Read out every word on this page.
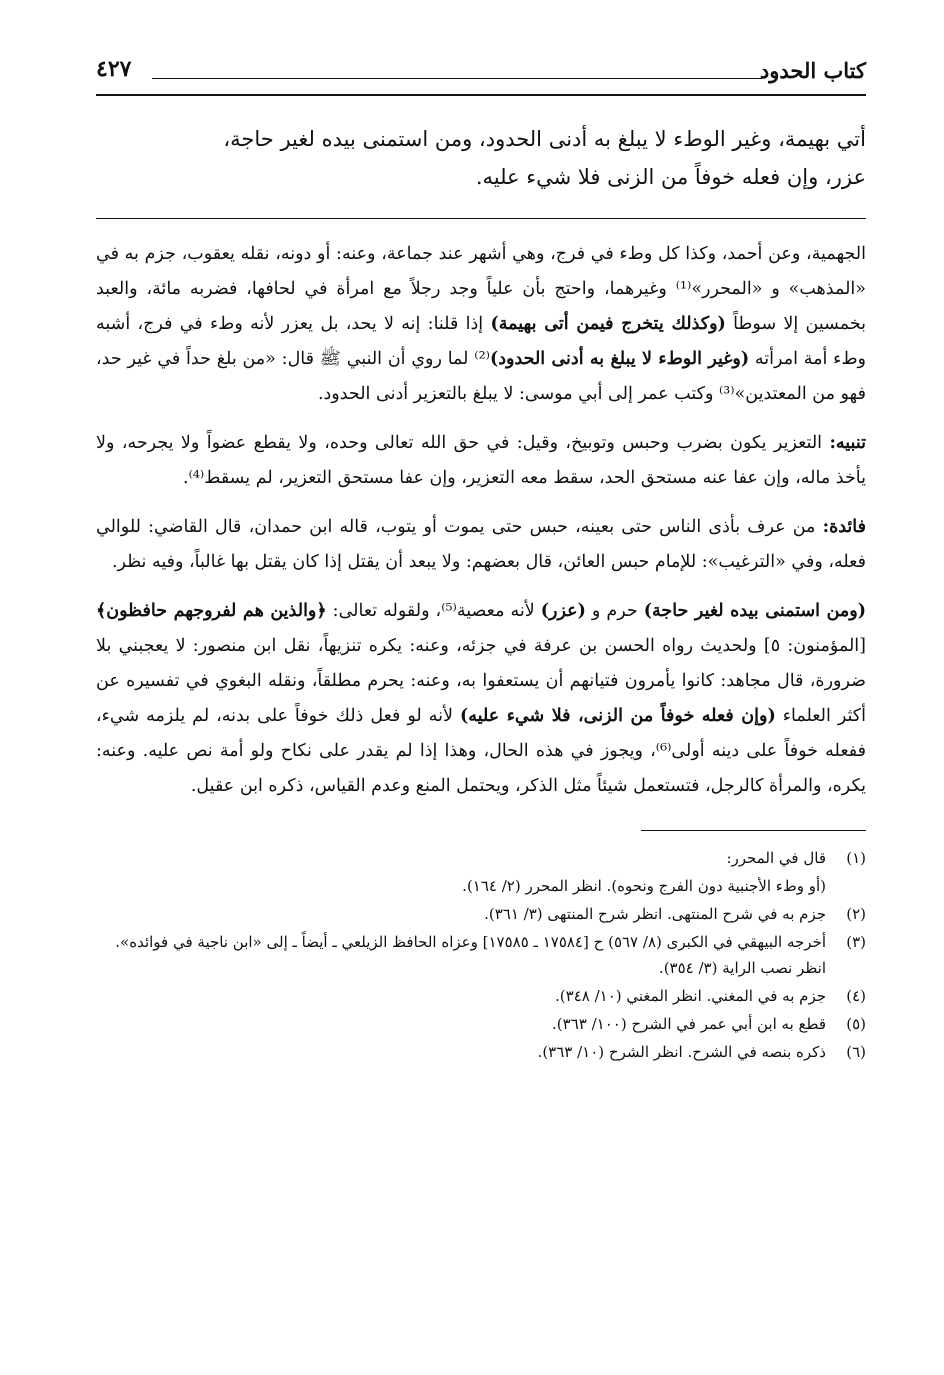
كتاب الحدود
٤٢٧

أتي بهيمة، وغير الوطء لا يبلغ به أدنى الحدود، ومن استمنى بيده لغير حاجة،

عزر، وإن فعله خوفاً من الزنى فلا شيء عليه.

الجهمية، وعن أحمد، وكذا كل وطء في فرج، وهي أشهر عند جماعة، وعنه: أو دونه، نقله يعقوب، جزم به في «المذهب» و «المحرر»⁽¹⁾ وغيرهما، واحتج بأن علياً وجد رجلاً مع امرأة في لحافها، فضربه مائة، والعبد بخمسين إلا سوطاً (وكذلك يتخرج فيمن أتى بهيمة) إذا قلنا: إنه لا يحد، بل يعزر لأنه وطء في فرج، أشبه وطء أمة امرأته (وغير الوطء لا يبلغ به أدنى الحدود)⁽²⁾ لما روي أن النبي ﷺ قال: «من بلغ حداً في غير حد، فهو من المعتدين»⁽³⁾ وكتب عمر إلى أبي موسى: لا يبلغ بالتعزير أدنى الحدود.

تنبيه: التعزير يكون بضرب وحبس وتوبيخ، وقيل: في حق الله تعالى وحده، ولا يقطع عضواً ولا يجرحه، ولا يأخذ ماله، وإن عفا عنه مستحق الحد، سقط معه التعزير، وإن عفا مستحق التعزير، لم يسقط⁽⁴⁾.

فائدة: من عرف بأذى الناس حتى بعينه، حبس حتى يموت أو يتوب، قاله ابن حمدان، قال القاضي: للوالي فعله، وفي «الترغيب»: للإمام حبس العائن، قال بعضهم: ولا يبعد أن يقتل إذا كان يقتل بها غالباً، وفيه نظر.

(ومن استمنى بيده لغير حاجة) حرم و (عزر) لأنه معصية⁽⁵⁾، ولقوله تعالى: ﴿والذين هم لفروجهم حافظون﴾ [المؤمنون: ٥] ولحديث رواه الحسن بن عرفة في جزئه، وعنه: يكره تنزيهاً، نقل ابن منصور: لا يعجبني بلا ضرورة، قال مجاهد: كانوا يأمرون فتيانهم أن يستعفوا به، وعنه: يحرم مطلقاً، ونقله البغوي في تفسيره عن أكثر العلماء (وإن فعله خوفاً من الزنى، فلا شيء عليه) لأنه لو فعل ذلك خوفاً على بدنه، لم يلزمه شيء، ففعله خوفاً على دينه أولى⁽⁶⁾، ويجوز في هذه الحال، وهذا إذا لم يقدر على نكاح ولو أمة نص عليه. وعنه: يكره، والمرأة كالرجل، فتستعمل شيئاً مثل الذكر، ويحتمل المنع وعدم القياس، ذكره ابن عقيل.

(١)
قال في المحرر:
(أو وطء الأجنبية دون الفرج ونحوه). انظر المحرر (٢/ ١٦٤).
(٢)
جزم به في شرح المنتهى. انظر شرح المنتهى (٣/ ٣٦١).
(٣)
أخرجه البيهقي في الكبرى (٨/ ٥٦٧) ح [١٧٥٨٤ ـ ١٧٥٨٥] وعزاه الحافظ الزيلعي ـ أيضاً ـ إلى «ابن ناجية في فوائده». انظر نصب الراية (٣/ ٣٥٤).
(٤)
جزم به في المغني. انظر المغني (١٠/ ٣٤٨).
(٥)
قطع به ابن أبي عمر في الشرح (١٠٠/ ٣٦٣).
(٦)
ذكره بنصه في الشرح. انظر الشرح (١٠/ ٣٦٣).
